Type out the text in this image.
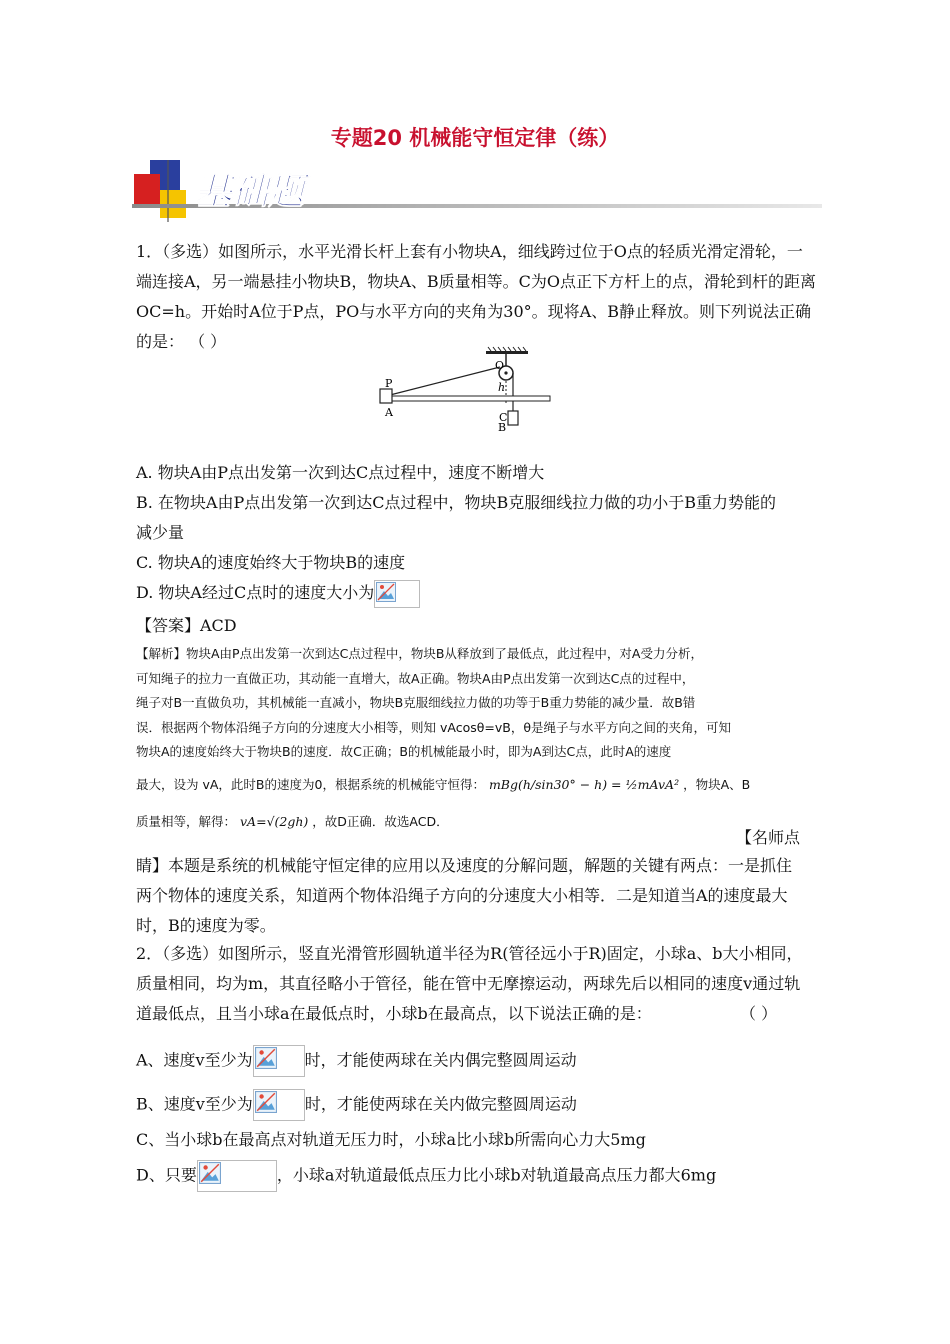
专题20 机械能守恒定律（练）
基础题

1．（多选）如图所示，水平光滑长杆上套有小物块A，细线跨过位于O点的轻质光滑定滑轮，一

端连接A，另一端悬挂小物块B，物块A、B质量相等。C为O点正下方杆上的点，滑轮到杆的距离

OC=h。开始时A位于P点，PO与水平方向的夹角为30°。现将A、B静止释放。则下列说法正确

的是： （ ）

O
h
C
P
A
B

A. 物块A由P点出发第一次到达C点过程中，速度不断增大

B. 在物块A由P点出发第一次到达C点过程中，物块B克服细线拉力做的功小于B重力势能的

减少量

C. 物块A的速度始终大于物块B的速度

D. 物块A经过C点时的速度大小为

【答案】ACD

【解析】物块A由P点出发第一次到达C点过程中，物块B从释放到了最低点，此过程中，对A受力分析，

可知绳子的拉力一直做正功，其动能一直增大，故A正确。物块A由P点出发第一次到达C点的过程中，

绳子对B一直做负功，其机械能一直减小，物块B克服细线拉力做的功等于B重力势能的减少量．故B错

误．根据两个物体沿绳子方向的分速度大小相等，则知 vAcosθ=vB，θ是绳子与水平方向之间的夹角，可知

物块A的速度始终大于物块B的速度．故C正确；B的机械能最小时，即为A到达C点，此时A的速度

最大，设为 vA，此时B的速度为0，根据系统的机械能守恒得： mBg(h/sin30° − h) = ½mAvA² ，物块A、B

质量相等，解得： vA=√(2gh) ，故D正确．故选ACD．

【名师点

睛】本题是系统的机械能守恒定律的应用以及速度的分解问题，解题的关键有两点：一是抓住

两个物体的速度关系，知道两个物体沿绳子方向的分速度大小相等．二是知道当A的速度最大

时，B的速度为零。

2．（多选）如图所示，竖直光滑管形圆轨道半径为R(管径远小于R)固定，小球a、b大小相同，

质量相同，均为m，其直径略小于管径，能在管中无摩擦运动，两球先后以相同的速度v通过轨

道最低点，且当小球a在最低点时，小球b在最高点，以下说法正确的是：	（ ）

A、速度v至少为	时，才能使两球在关内偶完整圆周运动
B、速度v至少为	时，才能使两球在关内做完整圆周运动
C、当小球b在最高点对轨道无压力时，小球a比小球b所需向心力大5mg
D、只要	，小球a对轨道最低点压力比小球b对轨道最高点压力都大6mg
